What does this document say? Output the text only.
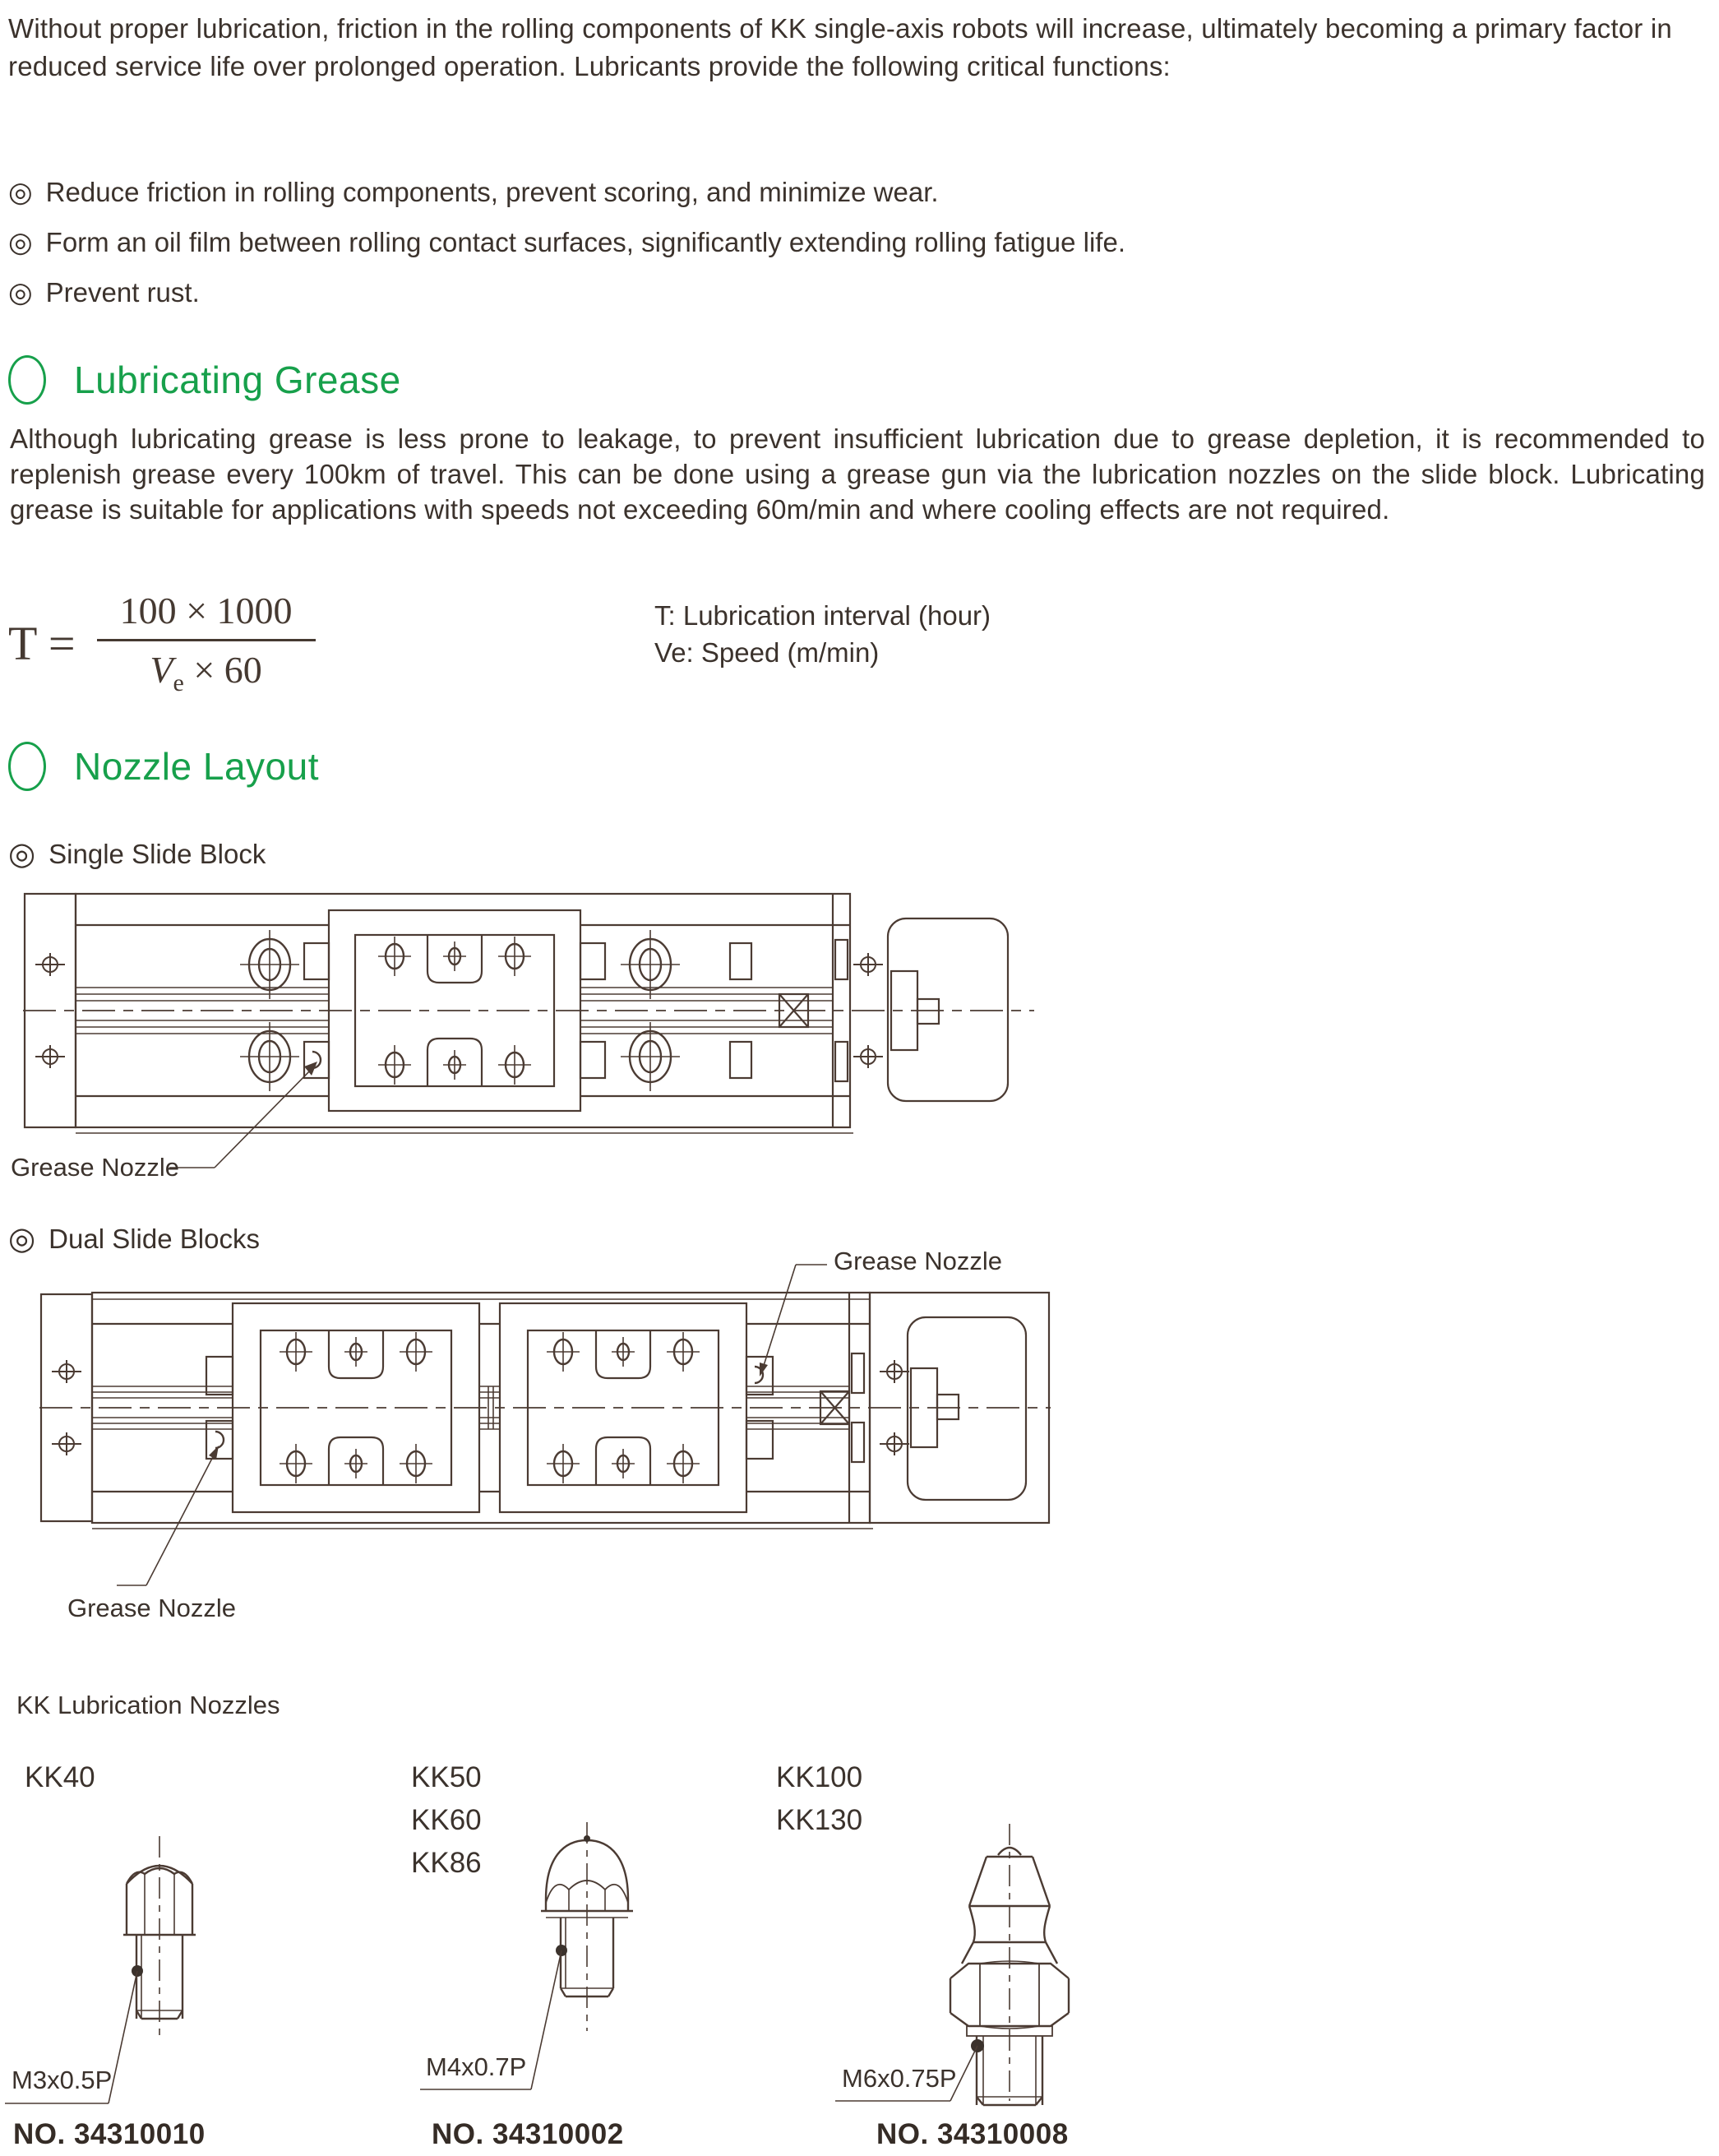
Without proper lubrication, friction in the rolling components of KK single-axis robots will increase, ultimately becoming a primary factor in reduced service life over prolonged operation. Lubricants provide the following critical functions:
◎ Reduce friction in rolling components, prevent scoring, and minimize wear.
◎ Form an oil film between rolling contact surfaces, significantly extending rolling fatigue life.
◎ Prevent rust.
Lubricating Grease
Although lubricating grease is less prone to leakage, to prevent insufficient lubrication due to grease depletion, it is recommended to replenish grease every 100km of travel. This can be done using a grease gun via the lubrication nozzles on the slide block. Lubricating grease is suitable for applications with speeds not exceeding 60m/min and where cooling effects are not required.
$T = \frac{100 \times 1000}{V_e \times 60}$	T: Lubrication interval (hour)
Ve: Speed (m/min)
Nozzle Layout
◎ Single Slide Block
Grease Nozzle
◎ Dual Slide Blocks
Grease Nozzle
Grease Nozzle
KK Lubrication Nozzles
KK40	KK50
KK60
KK86
KK100
KK130
M3x0.5P
NO. 34310010
M4x0.7P
NO. 34310002
M6x0.75P
NO. 34310008
